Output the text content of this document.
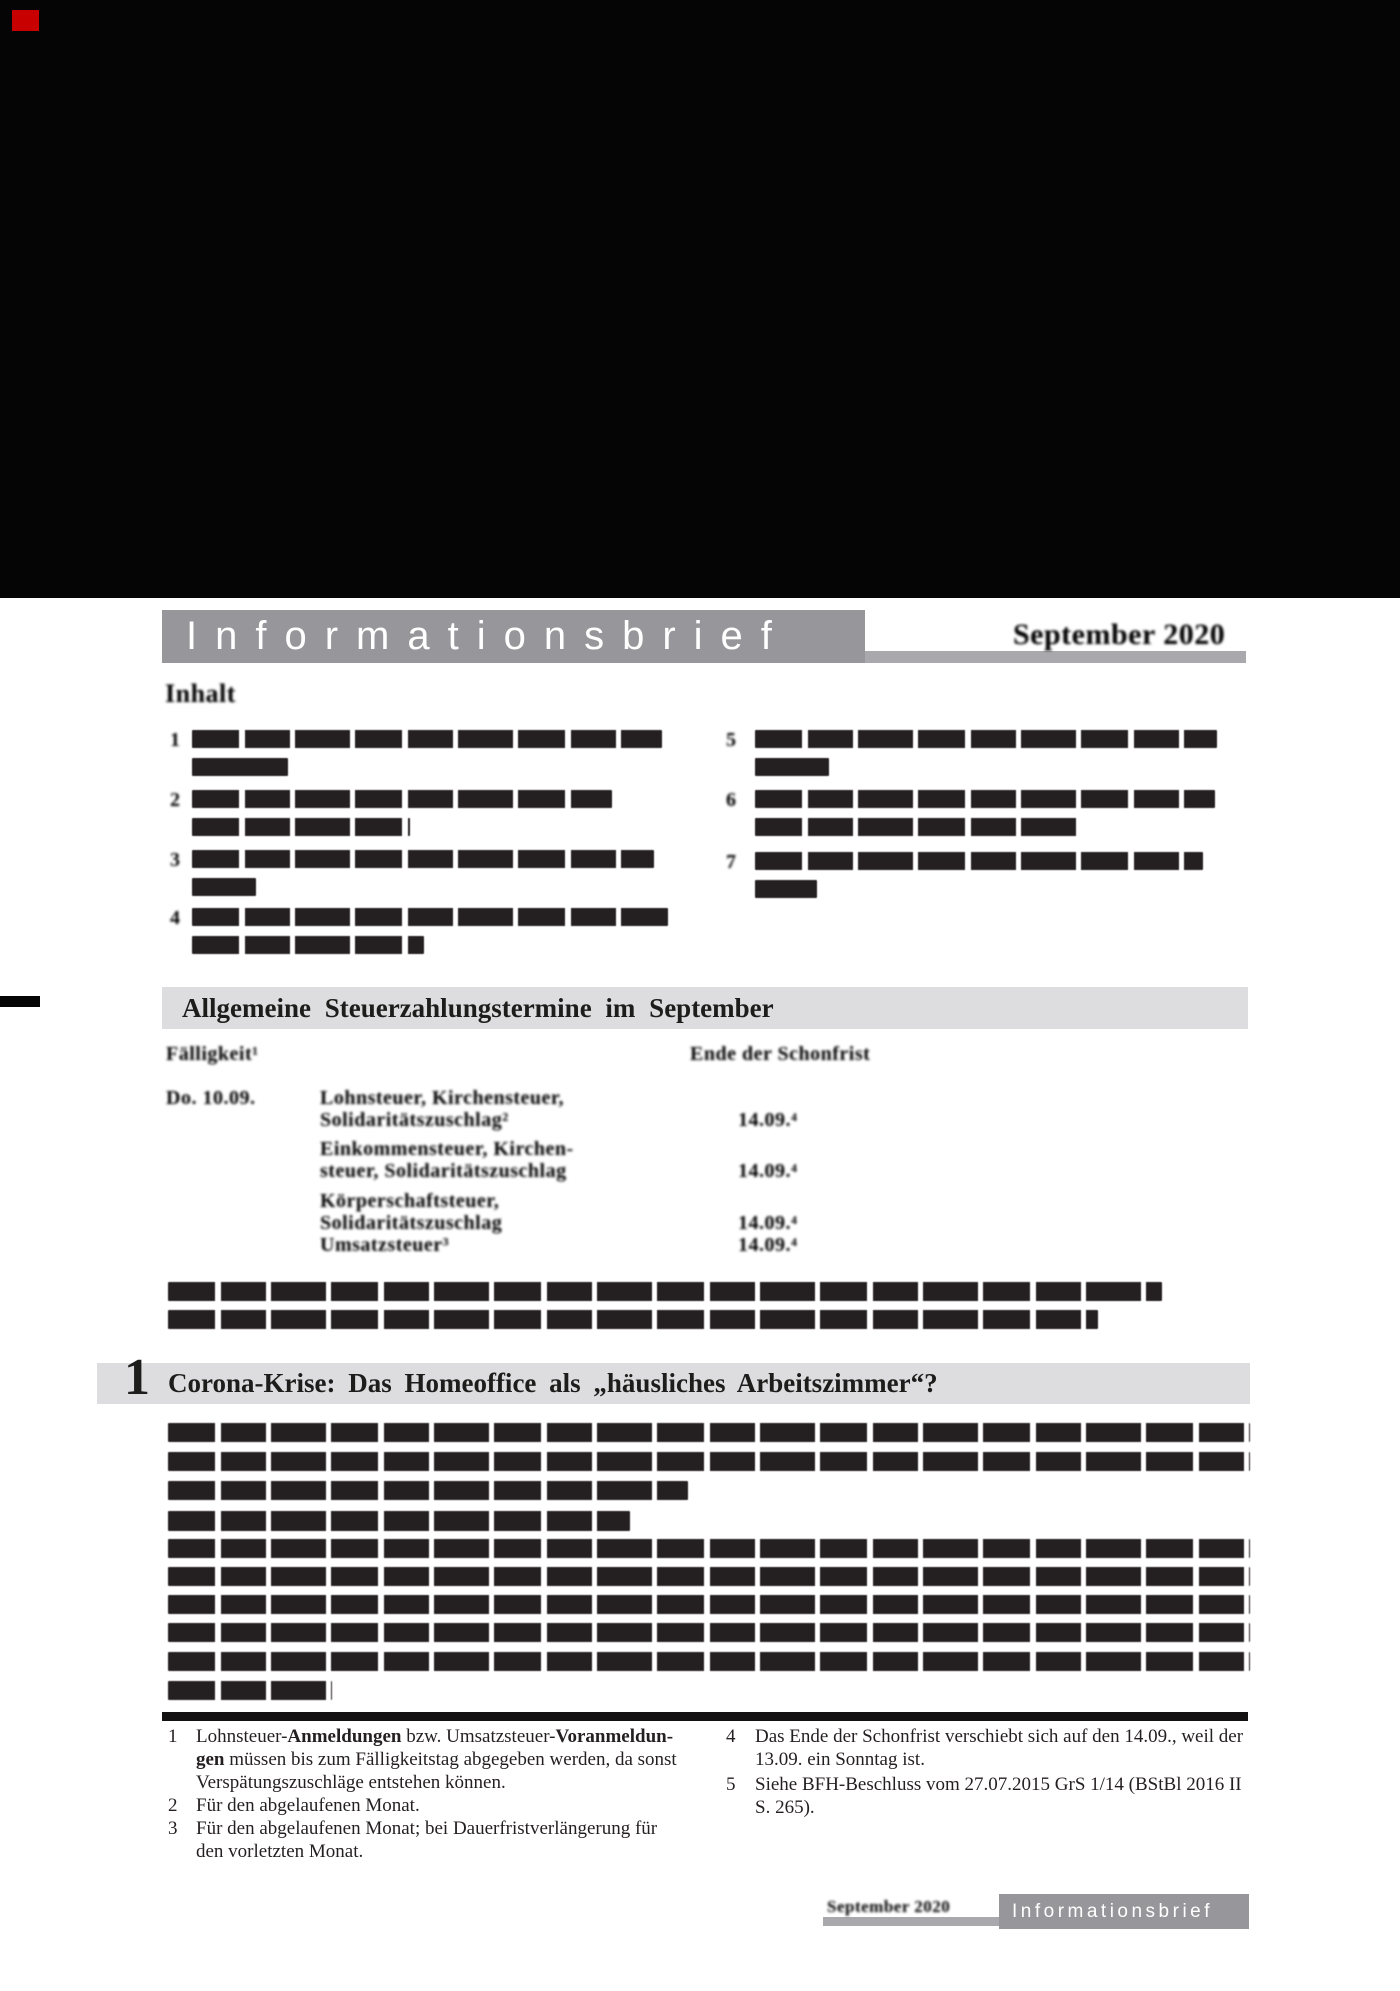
Informationsbrief
Allgemeine Steuerzahlungstermine im September
Corona-Krise: Das Homeoffice als „häusliches Arbeitszimmer“?
1
Informationsbrief
September 2020
Inhalt
1
2
3
4
5
6
7
Fälligkeit¹	Ende der Schonfrist
Do. 10.09.	Lohnsteuer, Kirchensteuer,
Solidaritätszuschlag²
Einkommensteuer, Kirchen-
steuer, Solidaritätszuschlag
Körperschaftsteuer,
Solidaritätszuschlag
Umsatzsteuer³
14.09.⁴
14.09.⁴
14.09.⁴
14.09.⁴
September 2020
1 Lohnsteuer-Anmeldungen bzw. Umsatzsteuer-Voranmeldun-
gen müssen bis zum Fälligkeitstag abgegeben werden, da sonst
Verspätungszuschläge entstehen können.
2 Für den abgelaufenen Monat.
3 Für den abgelaufenen Monat; bei Dauerfristverlängerung für
den vorletzten Monat.
4 Das Ende der Schonfrist verschiebt sich auf den 14.09., weil der
13.09. ein Sonntag ist.
5 Siehe BFH-Beschluss vom 27.07.2015 GrS 1/14 (BStBl 2016 II
S. 265).
